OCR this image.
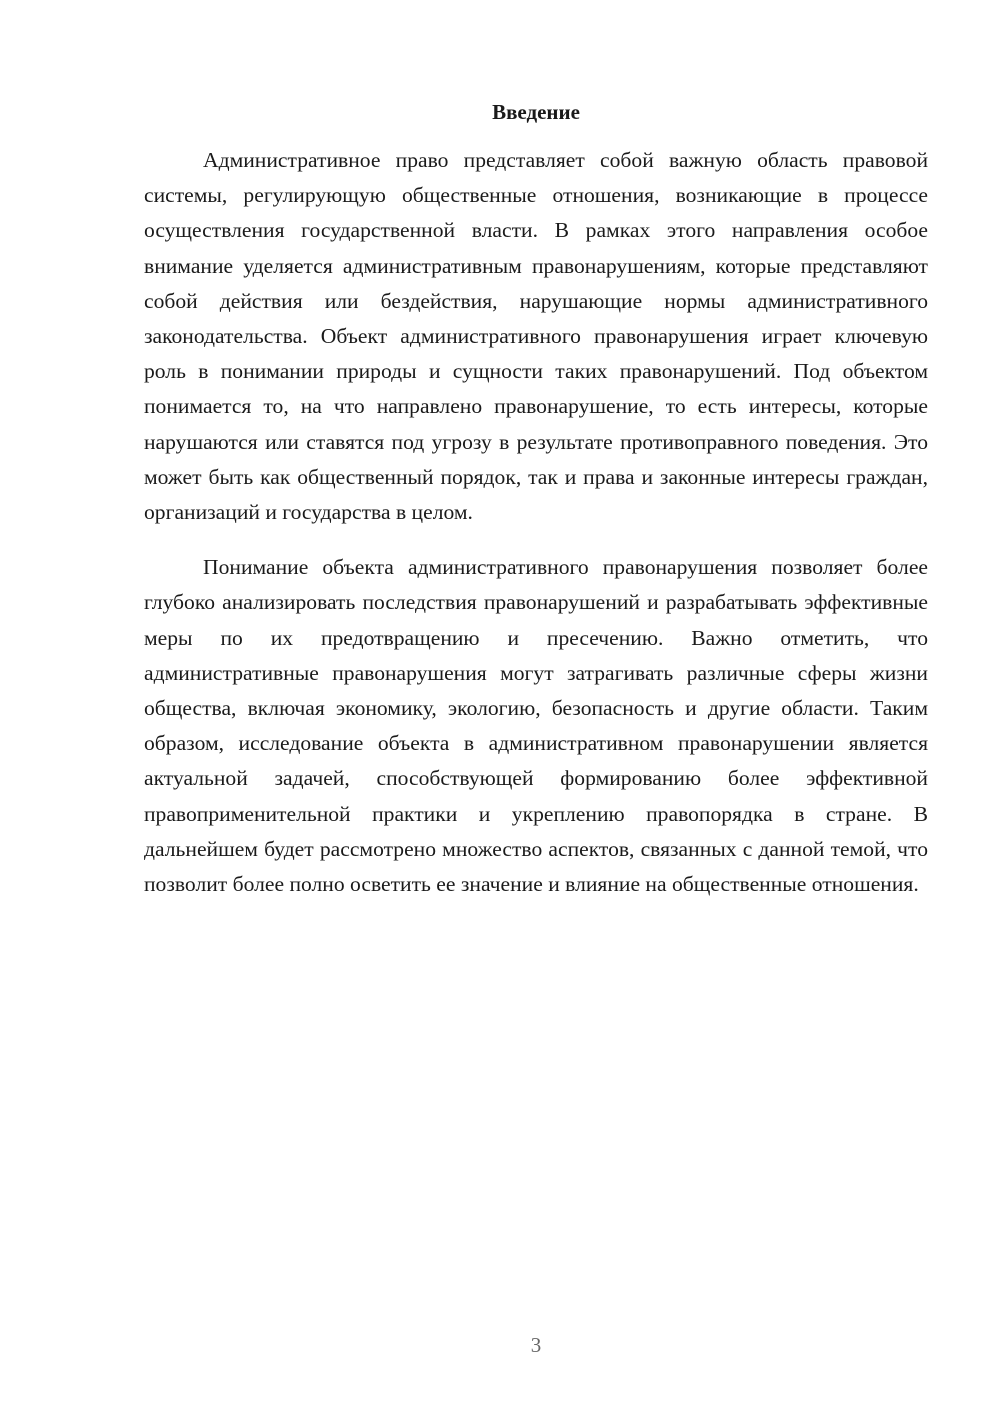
Введение

Административное право представляет собой важную область правовой системы, регулирующую общественные отношения, возникающие в процессе осуществления государственной власти. В рамках этого направления особое внимание уделяется административным правонарушениям, которые представляют собой действия или бездействия, нарушающие нормы административного законодательства. Объект административного правонарушения играет ключевую роль в понимании природы и сущности таких правонарушений. Под объектом понимается то, на что направлено правонарушение, то есть интересы, которые нарушаются или ставятся под угрозу в результате противоправного поведения. Это может быть как общественный порядок, так и права и законные интересы граждан, организаций и государства в целом.

Понимание объекта административного правонарушения позволяет более глубоко анализировать последствия правонарушений и разрабатывать эффективные меры по их предотвращению и пресечению. Важно отметить, что административные правонарушения могут затрагивать различные сферы жизни общества, включая экономику, экологию, безопасность и другие области. Таким образом, исследование объекта в административном правонарушении является актуальной задачей, способствующей формированию более эффективной правоприменительной практики и укреплению правопорядка в стране. В дальнейшем будет рассмотрено множество аспектов, связанных с данной темой, что позволит более полно осветить ее значение и влияние на общественные отношения.

3
